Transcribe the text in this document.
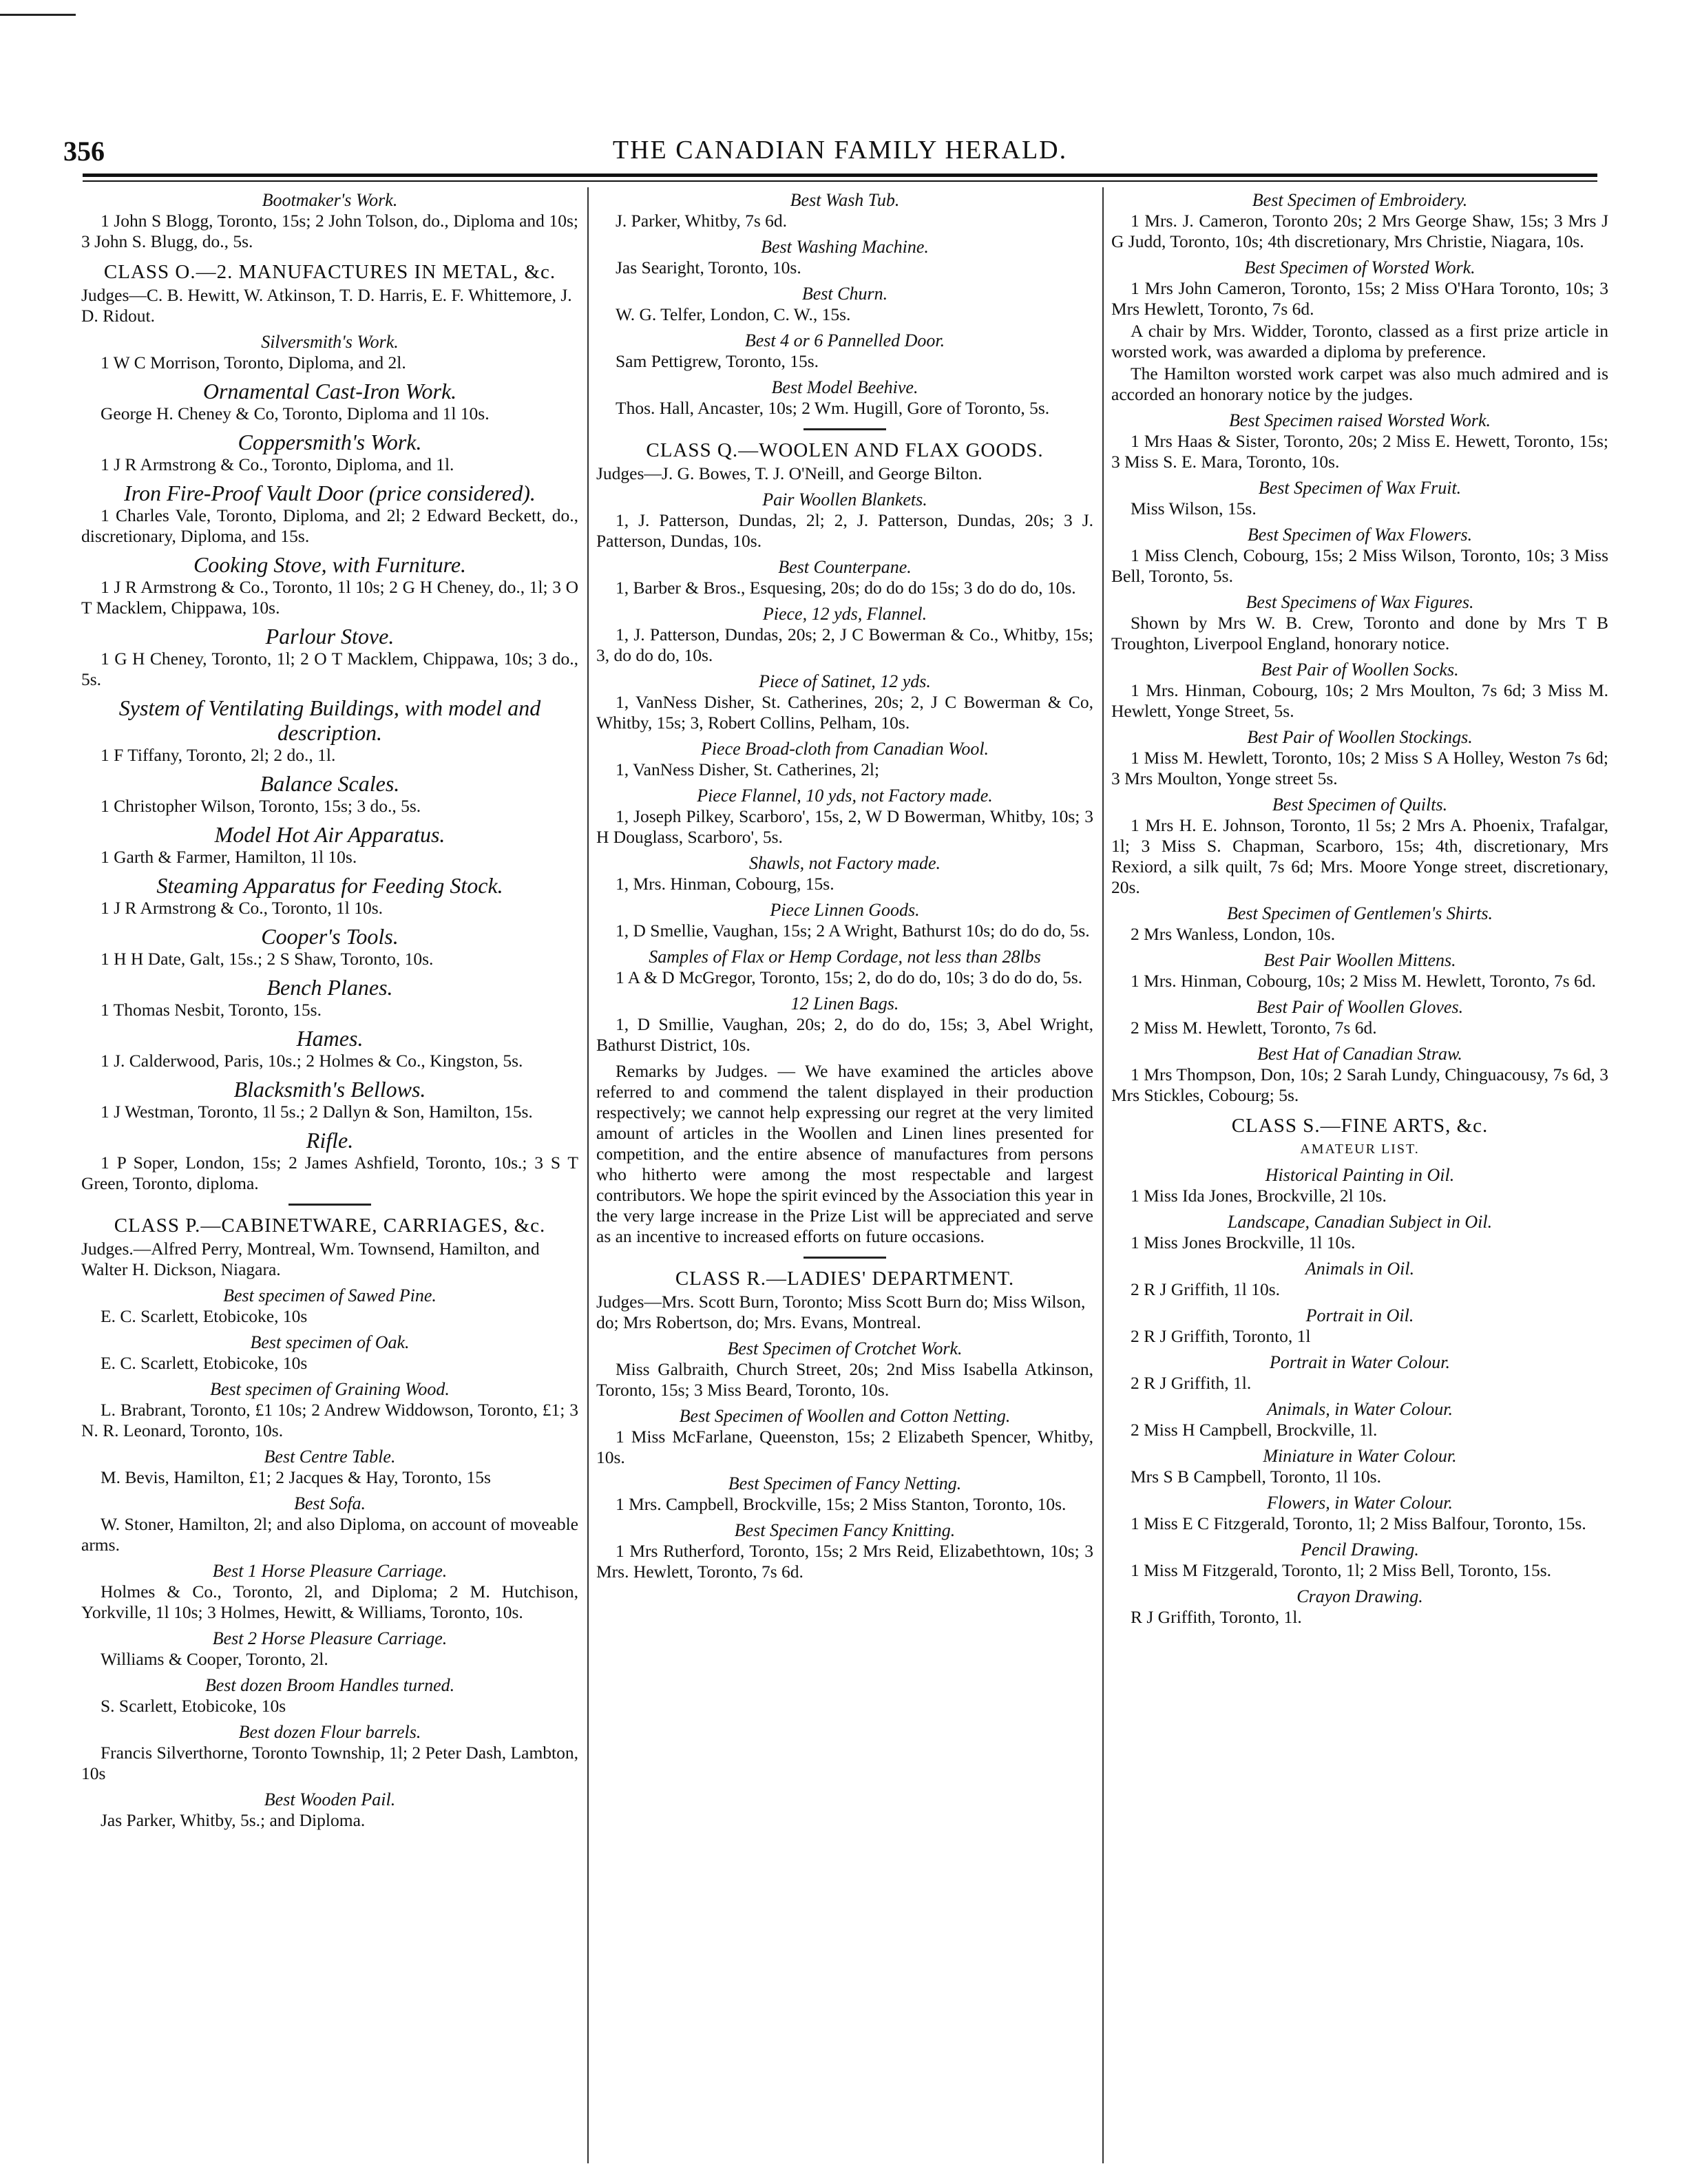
356	THE CANADIAN FAMILY HERALD.
Bootmaker's Work.
1 John S Blogg, Toronto, 15s; 2 John Tolson, do., Diploma and 10s; 3 John S. Blugg, do., 5s.
CLASS O.—2. MANUFACTURES IN METAL, &c.
Judges—C. B. Hewitt, W. Atkinson, T. D. Harris, E. F. Whittemore, J. D. Ridout.
Silversmith's Work.
1 W C Morrison, Toronto, Diploma, and 2l.
Ornamental Cast-Iron Work.
George H. Cheney & Co, Toronto, Diploma and 1l 10s.
Coppersmith's Work.
1 J R Armstrong & Co., Toronto, Diploma, and 1l.
Iron Fire-Proof Vault Door (price considered).
1 Charles Vale, Toronto, Diploma, and 2l; 2 Edward Beckett, do., discretionary, Diploma, and 15s.
Cooking Stove, with Furniture.
1 J R Armstrong & Co., Toronto, 1l 10s; 2 G H Cheney, do., 1l; 3 O T Macklem, Chippawa, 10s.
Parlour Stove.
1 G H Cheney, Toronto, 1l; 2 O T Macklem, Chippawa, 10s; 3 do., 5s.
System of Ventilating Buildings, with model and description.
1 F Tiffany, Toronto, 2l; 2 do., 1l.
Balance Scales.
1 Christopher Wilson, Toronto, 15s; 3 do., 5s.
Model Hot Air Apparatus.
1 Garth & Farmer, Hamilton, 1l 10s.
Steaming Apparatus for Feeding Stock.
1 J R Armstrong & Co., Toronto, 1l 10s.
Cooper's Tools.
1 H H Date, Galt, 15s.; 2 S Shaw, Toronto, 10s.
Bench Planes.
1 Thomas Nesbit, Toronto, 15s.
Hames.
1 J. Calderwood, Paris, 10s.; 2 Holmes & Co., Kingston, 5s.
Blacksmith's Bellows.
1 J Westman, Toronto, 1l 5s.; 2 Dallyn & Son, Hamilton, 15s.
Rifle.
1 P Soper, London, 15s; 2 James Ashfield, Toronto, 10s.; 3 S T Green, Toronto, diploma.
CLASS P.—CABINETWARE, CARRIAGES, &c.
Judges.—Alfred Perry, Montreal, Wm. Townsend, Hamilton, and Walter H. Dickson, Niagara.
Best specimen of Sawed Pine.
E. C. Scarlett, Etobicoke, 10s
Best specimen of Oak.
E. C. Scarlett, Etobicoke, 10s
Best specimen of Graining Wood.
L. Brabrant, Toronto, £1 10s; 2 Andrew Widdowson, Toronto, £1; 3 N. R. Leonard, Toronto, 10s.
Best Centre Table.
M. Bevis, Hamilton, £1; 2 Jacques & Hay, Toronto, 15s
Best Sofa.
W. Stoner, Hamilton, 2l; and also Diploma, on account of moveable arms.
Best 1 Horse Pleasure Carriage.
Holmes & Co., Toronto, 2l, and Diploma; 2 M. Hutchison, Yorkville, 1l 10s; 3 Holmes, Hewitt, & Williams, Toronto, 10s.
Best 2 Horse Pleasure Carriage.
Williams & Cooper, Toronto, 2l.
Best dozen Broom Handles turned.
S. Scarlett, Etobicoke, 10s
Best dozen Flour barrels.
Francis Silverthorne, Toronto Township, 1l; 2 Peter Dash, Lambton, 10s
Best Wooden Pail.
Jas Parker, Whitby, 5s.; and Diploma.
Best Wash Tub.
J. Parker, Whitby, 7s 6d.
Best Washing Machine.
Jas Searight, Toronto, 10s.
Best Churn.
W. G. Telfer, London, C. W., 15s.
Best 4 or 6 Pannelled Door.
Sam Pettigrew, Toronto, 15s.
Best Model Beehive.
Thos. Hall, Ancaster, 10s; 2 Wm. Hugill, Gore of Toronto, 5s.
CLASS Q.—WOOLEN AND FLAX GOODS.
Judges—J. G. Bowes, T. J. O'Neill, and George Bilton.
Pair Woollen Blankets.
1, J. Patterson, Dundas, 2l; 2, J. Patterson, Dundas, 20s; 3 J. Patterson, Dundas, 10s.
Best Counterpane.
1, Barber & Bros., Esquesing, 20s; do do do 15s; 3 do do do, 10s.
Piece, 12 yds, Flannel.
1, J. Patterson, Dundas, 20s; 2, J C Bowerman & Co., Whitby, 15s; 3, do do do, 10s.
Piece of Satinet, 12 yds.
1, VanNess Disher, St. Catherines, 20s; 2, J C Bowerman & Co, Whitby, 15s; 3, Robert Collins, Pelham, 10s.
Piece Broad-cloth from Canadian Wool.
1, VanNess Disher, St. Catherines, 2l;
Piece Flannel, 10 yds, not Factory made.
1, Joseph Pilkey, Scarboro', 15s, 2, W D Bowerman, Whitby, 10s; 3 H Douglass, Scarboro', 5s.
Shawls, not Factory made.
1, Mrs. Hinman, Cobourg, 15s.
Piece Linnen Goods.
1, D Smellie, Vaughan, 15s; 2 A Wright, Bathurst 10s; do do do, 5s.
Samples of Flax or Hemp Cordage, not less than 28lbs
1 A & D McGregor, Toronto, 15s; 2, do do do, 10s; 3 do do do, 5s.
12 Linen Bags.
1, D Smillie, Vaughan, 20s; 2, do do do, 15s; 3, Abel Wright, Bathurst District, 10s.
Remarks by Judges. — We have examined the articles above referred to and commend the talent displayed in their production respectively; we cannot help expressing our regret at the very limited amount of articles in the Woollen and Linen lines presented for competition, and the entire absence of manufactures from persons who hitherto were among the most respectable and largest contributors. We hope the spirit evinced by the Association this year in the very large increase in the Prize List will be appreciated and serve as an incentive to increased efforts on future occasions.
CLASS R.—LADIES' DEPARTMENT.
Judges—Mrs. Scott Burn, Toronto; Miss Scott Burn do; Miss Wilson, do; Mrs Robertson, do; Mrs. Evans, Montreal.
Best Specimen of Crotchet Work.
Miss Galbraith, Church Street, 20s; 2nd Miss Isabella Atkinson, Toronto, 15s; 3 Miss Beard, Toronto, 10s.
Best Specimen of Woollen and Cotton Netting.
1 Miss McFarlane, Queenston, 15s; 2 Elizabeth Spencer, Whitby, 10s.
Best Specimen of Fancy Netting.
1 Mrs. Campbell, Brockville, 15s; 2 Miss Stanton, Toronto, 10s.
Best Specimen Fancy Knitting.
1 Mrs Rutherford, Toronto, 15s; 2 Mrs Reid, Elizabethtown, 10s; 3 Mrs. Hewlett, Toronto, 7s 6d.
Best Specimen of Embroidery.
1 Mrs. J. Cameron, Toronto 20s; 2 Mrs George Shaw, 15s; 3 Mrs J G Judd, Toronto, 10s; 4th discretionary, Mrs Christie, Niagara, 10s.
Best Specimen of Worsted Work.
1 Mrs John Cameron, Toronto, 15s; 2 Miss O'Hara Toronto, 10s; 3 Mrs Hewlett, Toronto, 7s 6d.
A chair by Mrs. Widder, Toronto, classed as a first prize article in worsted work, was awarded a diploma by preference.
The Hamilton worsted work carpet was also much admired and is accorded an honorary notice by the judges.
Best Specimen raised Worsted Work.
1 Mrs Haas & Sister, Toronto, 20s; 2 Miss E. Hewett, Toronto, 15s; 3 Miss S. E. Mara, Toronto, 10s.
Best Specimen of Wax Fruit.
Miss Wilson, 15s.
Best Specimen of Wax Flowers.
1 Miss Clench, Cobourg, 15s; 2 Miss Wilson, Toronto, 10s; 3 Miss Bell, Toronto, 5s.
Best Specimens of Wax Figures.
Shown by Mrs W. B. Crew, Toronto and done by Mrs T B Troughton, Liverpool England, honorary notice.
Best Pair of Woollen Socks.
1 Mrs. Hinman, Cobourg, 10s; 2 Mrs Moulton, 7s 6d; 3 Miss M. Hewlett, Yonge Street, 5s.
Best Pair of Woollen Stockings.
1 Miss M. Hewlett, Toronto, 10s; 2 Miss S A Holley, Weston 7s 6d; 3 Mrs Moulton, Yonge street 5s.
Best Specimen of Quilts.
1 Mrs H. E. Johnson, Toronto, 1l 5s; 2 Mrs A. Phoenix, Trafalgar, 1l; 3 Miss S. Chapman, Scarboro, 15s; 4th, discretionary, Mrs Rexiord, a silk quilt, 7s 6d; Mrs. Moore Yonge street, discretionary, 20s.
Best Specimen of Gentlemen's Shirts.
2 Mrs Wanless, London, 10s.
Best Pair Woollen Mittens.
1 Mrs. Hinman, Cobourg, 10s; 2 Miss M. Hewlett, Toronto, 7s 6d.
Best Pair of Woollen Gloves.
2 Miss M. Hewlett, Toronto, 7s 6d.
Best Hat of Canadian Straw.
1 Mrs Thompson, Don, 10s; 2 Sarah Lundy, Chinguacousy, 7s 6d, 3 Mrs Stickles, Cobourg; 5s.
CLASS S.—FINE ARTS, &c.
AMATEUR LIST.
Historical Painting in Oil.
1 Miss Ida Jones, Brockville, 2l 10s.
Landscape, Canadian Subject in Oil.
1 Miss Jones Brockville, 1l 10s.
Animals in Oil.
2 R J Griffith, 1l 10s.
Portrait in Oil.
2 R J Griffith, Toronto, 1l
Portrait in Water Colour.
2 R J Griffith, 1l.
Animals, in Water Colour.
2 Miss H Campbell, Brockville, 1l.
Miniature in Water Colour.
Mrs S B Campbell, Toronto, 1l 10s.
Flowers, in Water Colour.
1 Miss E C Fitzgerald, Toronto, 1l; 2 Miss Balfour, Toronto, 15s.
Pencil Drawing.
1 Miss M Fitzgerald, Toronto, 1l; 2 Miss Bell, Toronto, 15s.
Crayon Drawing.
R J Griffith, Toronto, 1l.
